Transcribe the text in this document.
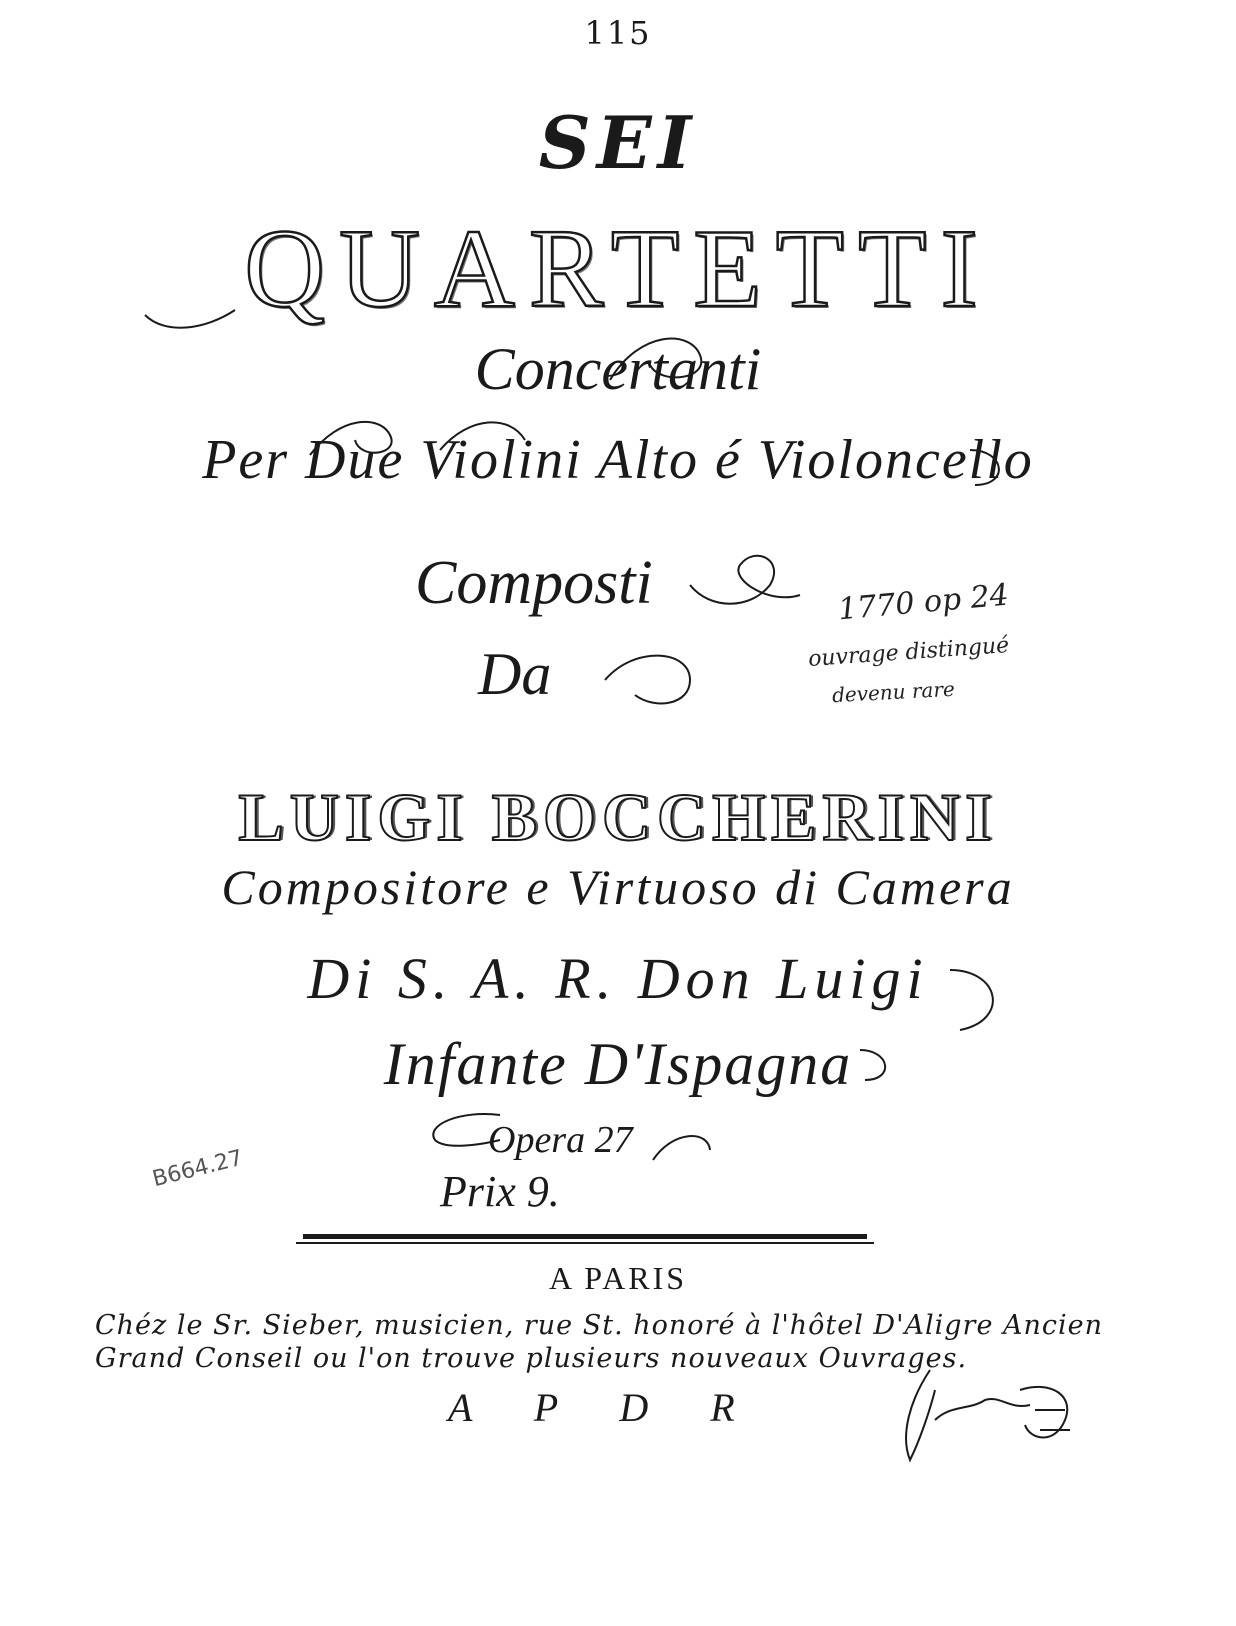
115
SEI
QUARTETTI
Concertanti
Per Due Violini Alto é Violoncello
Composti
Da
1770 op 24
ouvrage distingué
devenu rare
LUIGI BOCCHERINI
Compositore e Virtuoso di Camera
Di S. A. R. Don Luigi
Infante D'Ispagna
Opera 27
Prix 9.
B664.27
A PARIS
Chéz le Sr. Sieber, musicien, rue St. honoré à l'hôtel D'Aligre Ancien
Grand Conseil ou l'on trouve plusieurs nouveaux Ouvrages.
A P D R
